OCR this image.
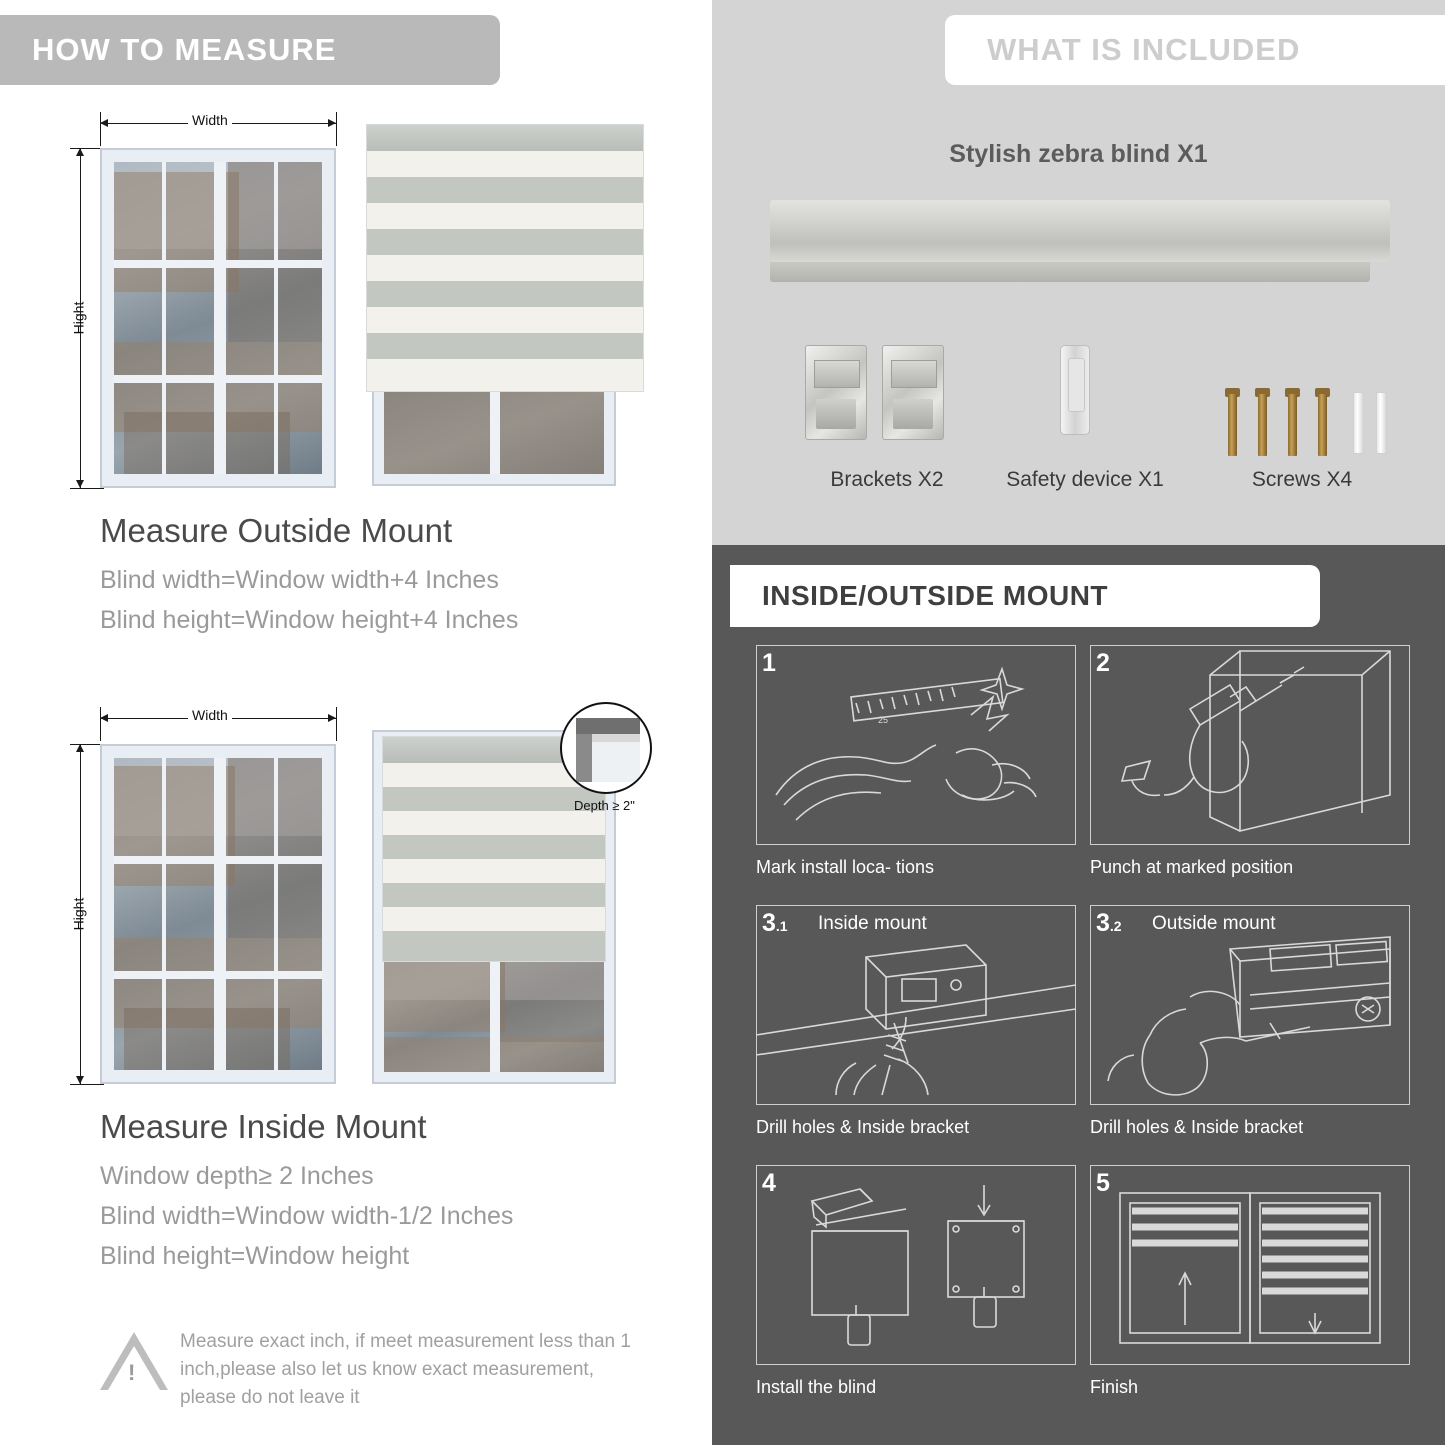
HOW TO MEASURE
Width
Hight
Measure Outside Mount
Blind width=Window width+4 Inches
Blind height=Window height+4 Inches
Width
Hight
Depth ≥ 2"
Measure Inside Mount
Window depth≥ 2 Inches
Blind width=Window width-1/2 Inches
Blind height=Window height
!
Measure exact inch, if meet measurement less than 1 inch,please also let us know exact measurement, please do not leave it
WHAT IS INCLUDED
Stylish zebra blind X1
Brackets X2	Safety device X1	Screws X4
INSIDE/OUTSIDE MOUNT
1
25
Mark install loca- tions
2
Punch at marked position
3.1 Inside mount
Drill holes & Inside bracket
3.2 Outside mount
Drill holes & Inside bracket
4
Install the blind
5
Finish
